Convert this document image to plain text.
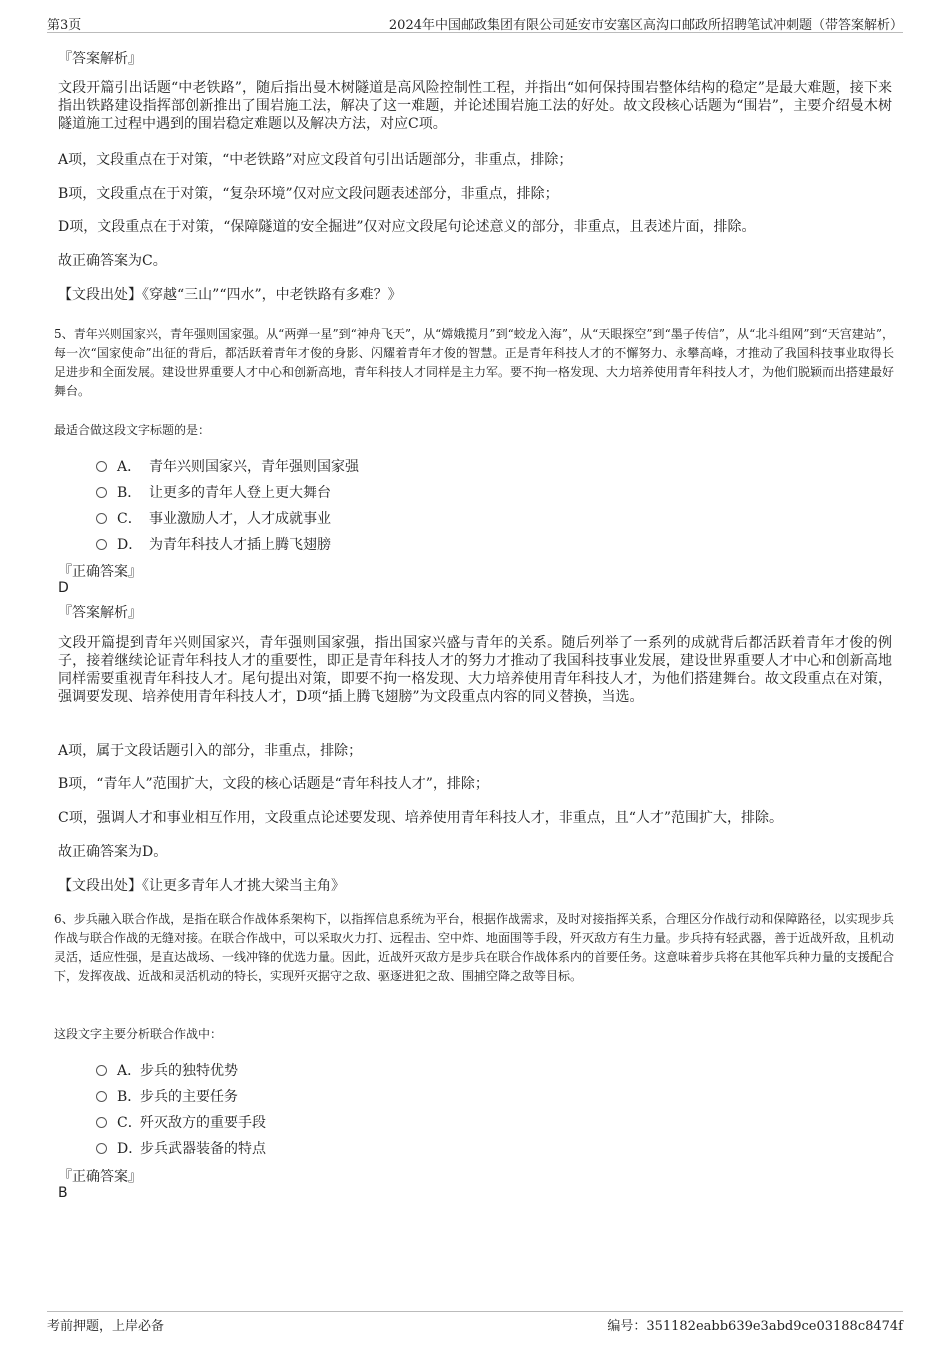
第3页	2024年中国邮政集团有限公司延安市安塞区高沟口邮政所招聘笔试冲刺题（带答案解析）
『答案解析』

文段开篇引出话题“中老铁路”，随后指出曼木树隧道是高风险控制性工程，并指出“如何保持围岩整体结构的稳定”是最大难题，接下来指出铁路建设指挥部创新推出了围岩施工法，解决了这一难题，并论述围岩施工法的好处。故文段核心话题为“围岩”，主要介绍曼木树隧道施工过程中遇到的围岩稳定难题以及解决方法，对应C项。

A项，文段重点在于对策，“中老铁路”对应文段首句引出话题部分，非重点，排除；

B项，文段重点在于对策，“复杂环境”仅对应文段问题表述部分，非重点，排除；

D项，文段重点在于对策，“保障隧道的安全掘进”仅对应文段尾句论述意义的部分，非重点，且表述片面，排除。

故正确答案为C。

【文段出处】《穿越“三山”“四水”，中老铁路有多难？》

5、青年兴则国家兴，青年强则国家强。从“两弹一星”到“神舟飞天”，从“嫦娥揽月”到“蛟龙入海”，从“天眼探空”到“墨子传信”，从“北斗组网”到“天宫建站”，每一次“国家使命”出征的背后，都活跃着青年才俊的身影、闪耀着青年才俊的智慧。正是青年科技人才的不懈努力、永攀高峰，才推动了我国科技事业取得长足进步和全面发展。建设世界重要人才中心和创新高地，青年科技人才同样是主力军。要不拘一格发现、大力培养使用青年科技人才，为他们脱颖而出搭建最好舞台。

最适合做这段文字标题的是：

A． 青年兴则国家兴，青年强则国家强
B． 让更多的青年人登上更大舞台
C． 事业激励人才，人才成就事业
D． 为青年科技人才插上腾飞翅膀
『正确答案』
D
『答案解析』

文段开篇提到青年兴则国家兴，青年强则国家强，指出国家兴盛与青年的关系。随后列举了一系列的成就背后都活跃着青年才俊的例子，接着继续论证青年科技人才的重要性，即正是青年科技人才的努力才推动了我国科技事业发展，建设世界重要人才中心和创新高地同样需要重视青年科技人才。尾句提出对策，即要不拘一格发现、大力培养使用青年科技人才，为他们搭建舞台。故文段重点在对策，强调要发现、培养使用青年科技人才，D项“插上腾飞翅膀”为文段重点内容的同义替换，当选。

A项，属于文段话题引入的部分，非重点，排除；

B项，“青年人”范围扩大，文段的核心话题是“青年科技人才”，排除；

C项，强调人才和事业相互作用，文段重点论述要发现、培养使用青年科技人才，非重点，且“人才”范围扩大，排除。

故正确答案为D。

【文段出处】《让更多青年人才挑大梁当主角》

6、步兵融入联合作战，是指在联合作战体系架构下，以指挥信息系统为平台，根据作战需求，及时对接指挥关系，合理区分作战行动和保障路径，以实现步兵作战与联合作战的无缝对接。在联合作战中，可以采取火力打、远程击、空中炸、地面围等手段，歼灭敌方有生力量。步兵持有轻武器，善于近战歼敌，且机动灵活，适应性强，是直达战场、一线冲锋的优选力量。因此，近战歼灭敌方是步兵在联合作战体系内的首要任务。这意味着步兵将在其他军兵种力量的支援配合下，发挥夜战、近战和灵活机动的特长，实现歼灭据守之敌、驱逐进犯之敌、围捕空降之敌等目标。

这段文字主要分析联合作战中：

A．步兵的独特优势
B．步兵的主要任务
C．歼灭敌方的重要手段
D．步兵武器装备的特点
『正确答案』
B
考前押题，上岸必备	编号：351182eabb639e3abd9ce03188c8474f
